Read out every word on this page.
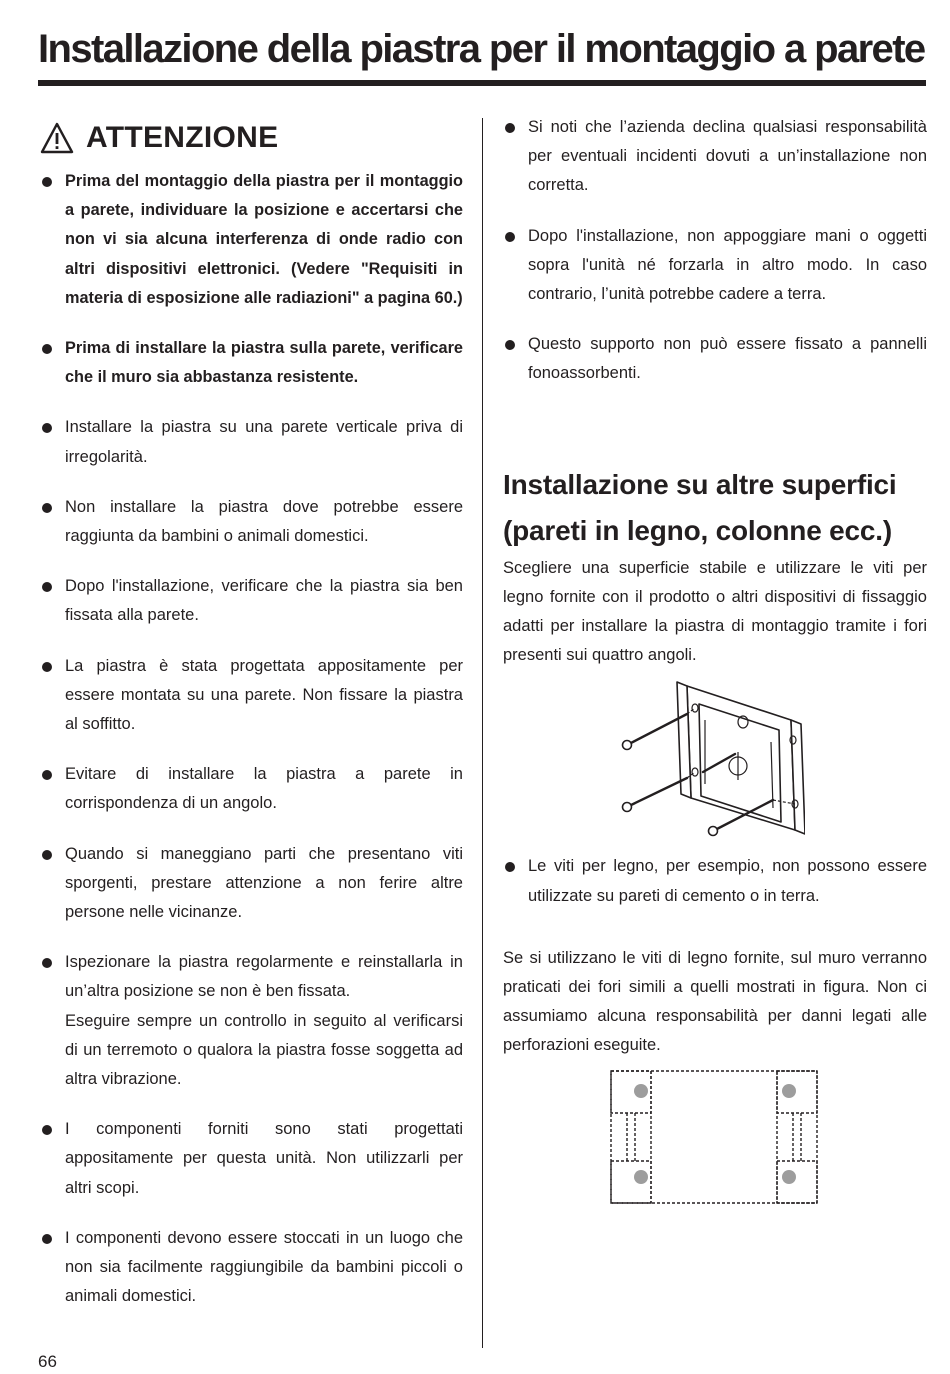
Installazione della piastra per il montaggio a parete
ATTENZIONE
Prima del montaggio della piastra per il montaggio a parete, individuare la posizione e accertarsi che non vi sia alcuna interferenza di onde radio con altri dispositivi elettronici. (Vedere "Requisiti in materia di esposizione alle radiazioni" a pagina 60.)
Prima di installare la piastra sulla parete, verificare che il muro sia abbastanza resistente.
Installare la piastra su una parete verticale priva di irregolarità.
Non installare la piastra dove potrebbe essere raggiunta da bambini o animali domestici.
Dopo l'installazione, verificare che la piastra sia ben fissata alla parete.
La piastra è stata progettata appositamente per essere montata su una parete. Non fissare la piastra al soffitto.
Evitare di installare la piastra a parete in corrispondenza di un angolo.
Quando si maneggiano parti che presentano viti sporgenti, prestare attenzione a non ferire altre persone nelle vicinanze.
Ispezionare la piastra regolarmente e reinstallarla in un’altra posizione se non è ben fissata.
Eseguire sempre un controllo in seguito al verificarsi di un terremoto o qualora la piastra fosse soggetta ad altra vibrazione.
I componenti forniti sono stati progettati appositamente per questa unità. Non utilizzarli per altri scopi.
I componenti devono essere stoccati in un luogo che non sia facilmente raggiungibile da bambini piccoli o animali domestici.
Si noti che l’azienda declina qualsiasi responsabilità per eventuali incidenti dovuti a un’installazione non corretta.
Dopo l'installazione, non appoggiare mani o oggetti sopra l'unità né forzarla in altro modo. In caso contrario, l’unità potrebbe cadere a terra.
Questo supporto non può essere fissato a pannelli fonoassorbenti.
Installazione su altre superfici
(pareti in legno, colonne ecc.)

Scegliere una superficie stabile e utilizzare le viti per legno fornite con il prodotto o altri dispositivi di fissaggio adatti per installare la piastra di montaggio tramite i fori presenti sui quattro angoli.

Le viti per legno, per esempio, non possono essere utilizzate su pareti di cemento o in terra.

Se si utilizzano le viti di legno fornite, sul muro verranno praticati dei fori simili a quelli mostrati in figura. Non ci assumiamo alcuna responsabilità per danni legati alle perforazioni eseguite.

66
